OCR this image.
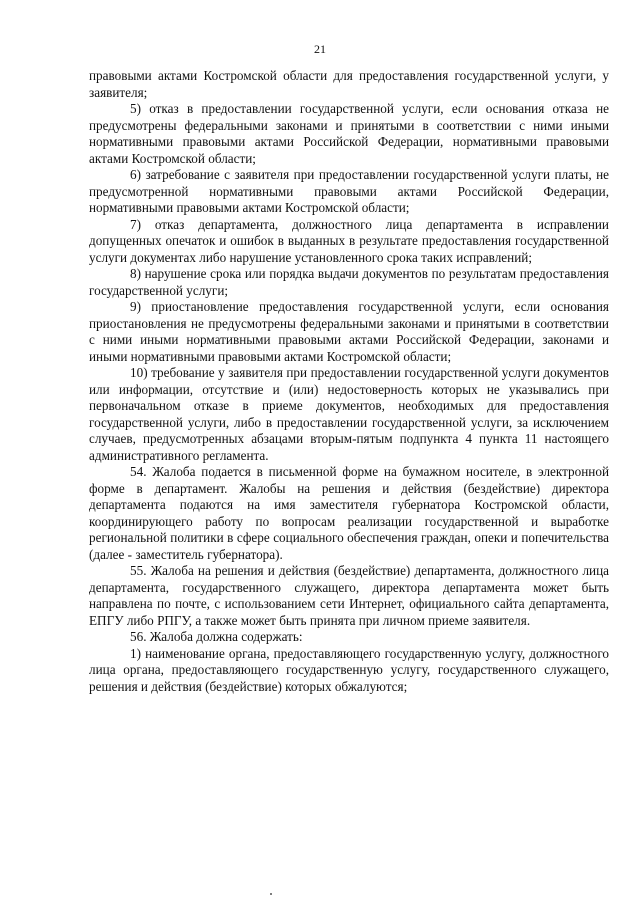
21

правовыми актами Костромской области для предоставления государственной услуги, у заявителя;

5) отказ в предоставлении государственной услуги, если основания отказа не предусмотрены федеральными законами и принятыми в соответствии с ними иными нормативными правовыми актами Российской Федерации, нормативными правовыми актами Костромской области;

6) затребование с заявителя при предоставлении государственной услуги платы, не предусмотренной нормативными правовыми актами Российской Федерации, нормативными правовыми актами Костромской области;

7) отказ департамента, должностного лица департамента в исправлении допущенных опечаток и ошибок в выданных в результате предоставления государственной услуги документах либо нарушение установленного срока таких исправлений;

8) нарушение срока или порядка выдачи документов по результатам предоставления государственной услуги;

9) приостановление предоставления государственной услуги, если основания приостановления не предусмотрены федеральными законами и принятыми в соответствии с ними иными нормативными правовыми актами Российской Федерации, законами и иными нормативными правовыми актами Костромской области;

10) требование у заявителя при предоставлении государственной услуги документов или информации, отсутствие и (или) недостоверность которых не указывались при первоначальном отказе в приеме документов, необходимых для предоставления государственной услуги, либо в предоставлении государственной услуги, за исключением случаев, предусмотренных абзацами вторым-пятым подпункта 4 пункта 11 настоящего административного регламента.

54. Жалоба подается в письменной форме на бумажном носителе, в электронной форме в департамент. Жалобы на решения и действия (бездействие) директора департамента подаются на имя заместителя губернатора Костромской области, координирующего работу по вопросам реализации государственной и выработке региональной политики в сфере социального обеспечения граждан, опеки и попечительства (далее - заместитель губернатора).

55. Жалоба на решения и действия (бездействие) департамента, должностного лица департамента, государственного служащего, директора департамента может быть направлена по почте, с использованием сети Интернет, официального сайта департамента, ЕПГУ либо РПГУ, а также может быть принята при личном приеме заявителя.

56. Жалоба должна содержать:

1) наименование органа, предоставляющего государственную услугу, должностного лица органа, предоставляющего государственную услугу, государственного служащего, решения и действия (бездействие) которых обжалуются;
